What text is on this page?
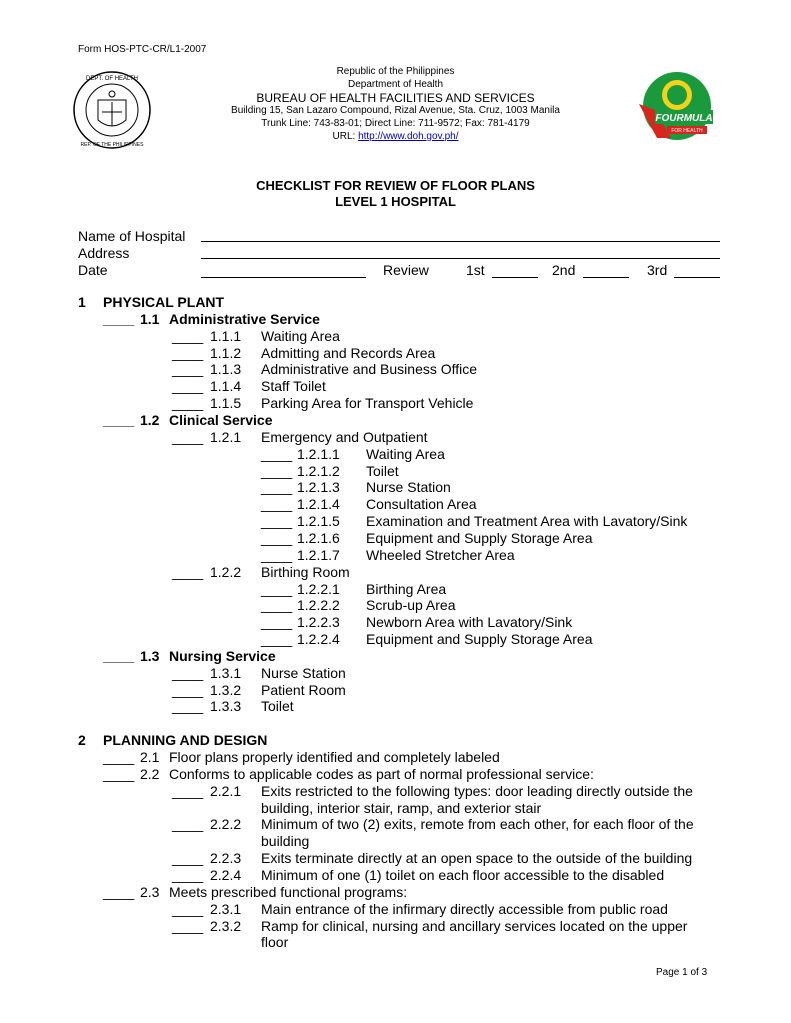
Form HOS-PTC-CR/L1-2007
DEPT. OF HEALTH
REP. OF THE PHILIPPINES
Republic of the Philippines
Department of Health
BUREAU OF HEALTH FACILITIES AND SERVICES
Building 15, San Lazaro Compound, Rizal Avenue, Sta. Cruz, 1003 Manila
Trunk Line: 743-83-01; Direct Line: 711-9572; Fax: 781-4179
URL: http://www.doh.gov.ph/
FOURMULA
FOR HEALTH
CHECKLIST FOR REVIEW OF FLOOR PLANS
LEVEL 1 HOSPITAL
Name of Hospital
Address
Date	Review	1st	2nd	3rd
1 PHYSICAL PLANT
____ 1.1 Administrative Service
____ 1.1.1 Waiting Area
____ 1.1.2 Admitting and Records Area
____ 1.1.3 Administrative and Business Office
____ 1.1.4 Staff Toilet
____ 1.1.5 Parking Area for Transport Vehicle
____ 1.2 Clinical Service
____ 1.2.1 Emergency and Outpatient
____ 1.2.1.1 Waiting Area
____ 1.2.1.2 Toilet
____ 1.2.1.3 Nurse Station
____ 1.2.1.4 Consultation Area
____ 1.2.1.5 Examination and Treatment Area with Lavatory/Sink
____ 1.2.1.6 Equipment and Supply Storage Area
____ 1.2.1.7 Wheeled Stretcher Area
____ 1.2.2 Birthing Room
____ 1.2.2.1 Birthing Area
____ 1.2.2.2 Scrub-up Area
____ 1.2.2.3 Newborn Area with Lavatory/Sink
____ 1.2.2.4 Equipment and Supply Storage Area
____ 1.3 Nursing Service
____ 1.3.1 Nurse Station
____ 1.3.2 Patient Room
____ 1.3.3 Toilet
2 PLANNING AND DESIGN
____ 2.1 Floor plans properly identified and completely labeled
____ 2.2 Conforms to applicable codes as part of normal professional service:
____ 2.2.1 Exits restricted to the following types: door leading directly outside the
building, interior stair, ramp, and exterior stair
____ 2.2.2 Minimum of two (2) exits, remote from each other, for each floor of the
building
____ 2.2.3 Exits terminate directly at an open space to the outside of the building
____ 2.2.4 Minimum of one (1) toilet on each floor accessible to the disabled
____ 2.3 Meets prescribed functional programs:
____ 2.3.1 Main entrance of the infirmary directly accessible from public road
____ 2.3.2 Ramp for clinical, nursing and ancillary services located on the upper
floor
Page 1 of 3
